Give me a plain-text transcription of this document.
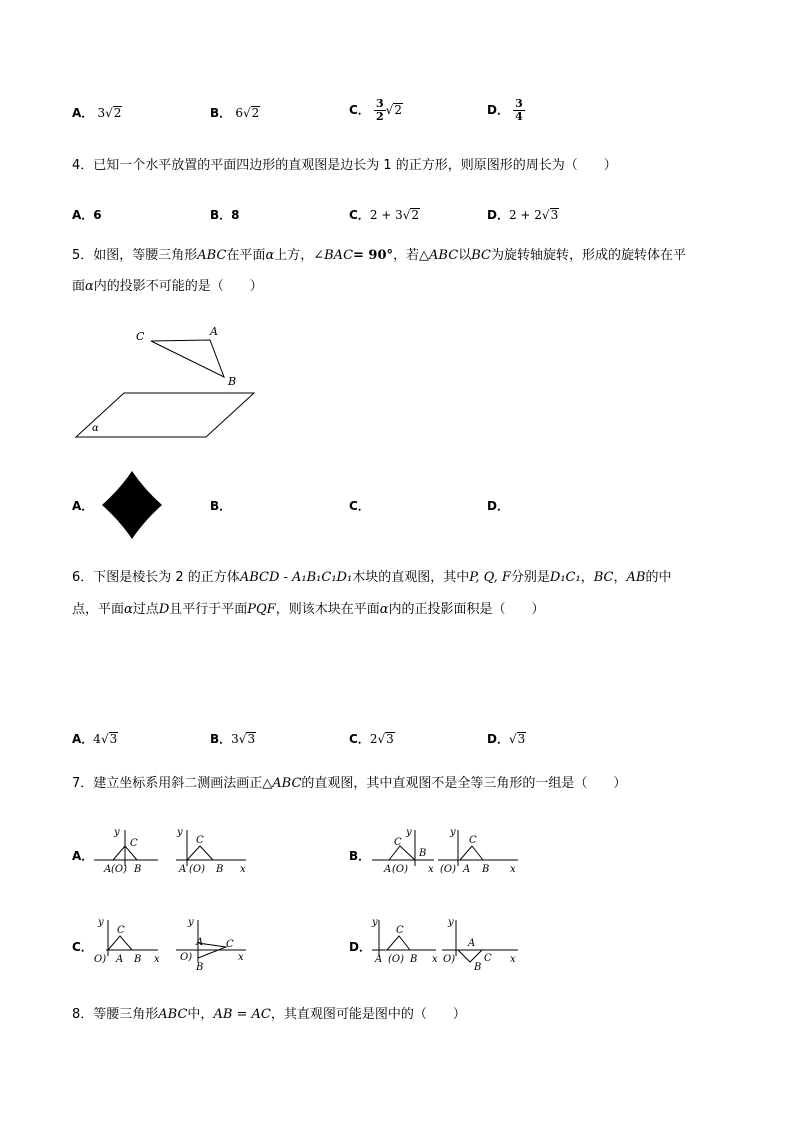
A． 3√2	B． 6√2	C． $\frac{3}{2} √2$	D． $\frac{3}{4}$
4．已知一个水平放置的平面四边形的直观图是边长为 1 的正方形，则原图形的周长为（　　）
A．6	B．8	C．2 + 3√2	D．2 + 2√3
5．如图，等腰三角形ABC在平面α上方，∠BAC= 90°，若△ABC以BC为旋转轴旋转，形成的旋转体在平
面α内的投影不可能的是（　　）
C	A
B
α
A．	B．	C．	D．
6．下图是棱长为 2 的正方体ABCD - A₁B₁C₁D₁木块的直观图，其中P, Q, F分别是D₁C₁，BC，AB的中
点，平面α过点D且平行于平面PQF，则该木块在平面α内的正投影面积是（　　）
A．4√3	B．3√3	C．2√3	D．√3
7．建立坐标系用斜二测画法画正△ABC的直观图，其中直观图不是全等三角形的一组是（　　）
A．
y
C
A (O) B
y
C
A (O) B x
B．
y
C
B
A (O) x
y
C
(O) A B x
C．
y
C
O) A B x
y
A C
O)
B
x
D．
y
C
A (O) B x
y
A
C
O)
B
x
8．等腰三角形ABC中，AB = AC，其直观图可能是图中的（　　）
